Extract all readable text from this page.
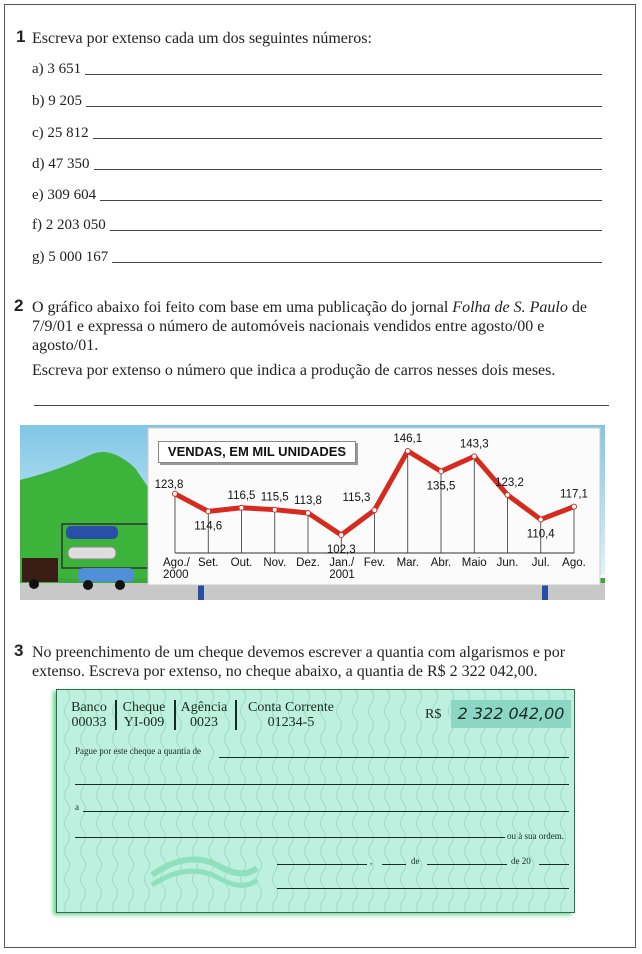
1 Escreva por extenso cada um dos seguintes números:
a) 3 651
b) 9 205
c) 25 812
d) 47 350
e) 309 604
f) 2 203 050
g) 5 000 167
2 O gráfico abaixo foi feito com base em uma publicação do jornal Folha de S. Paulo de
7/9/01 e expressa o número de automóveis nacionais vendidos entre agosto/00 e
agosto/01.
Escreva por extenso o número que indica a produção de carros nesses dois meses.
123,8
Ago./
2000
114,6
Set.
116,5
Out.
115,5
Nov.
113,8
Dez.
102,3
Jan./
2001
115,3
Fev.
146,1
Mar.
135,5
Abr.
143,3
Maio
123,2
Jun.
110,4
Jul.
117,1
Ago.
VENDAS, EM MIL UNIDADES
3 No preenchimento de um cheque devemos escrever a quantia com algarismos e por
extenso. Escreva por extenso, no cheque abaixo, a quantia de R$ 2 322 042,00.
Banco
00033
Cheque
YI-009
Agência
0023
Conta Corrente
01234-5
R$	2 322 042,00
Pague por este cheque a quantia de
a
ou à sua ordem.
,	de	de 20
